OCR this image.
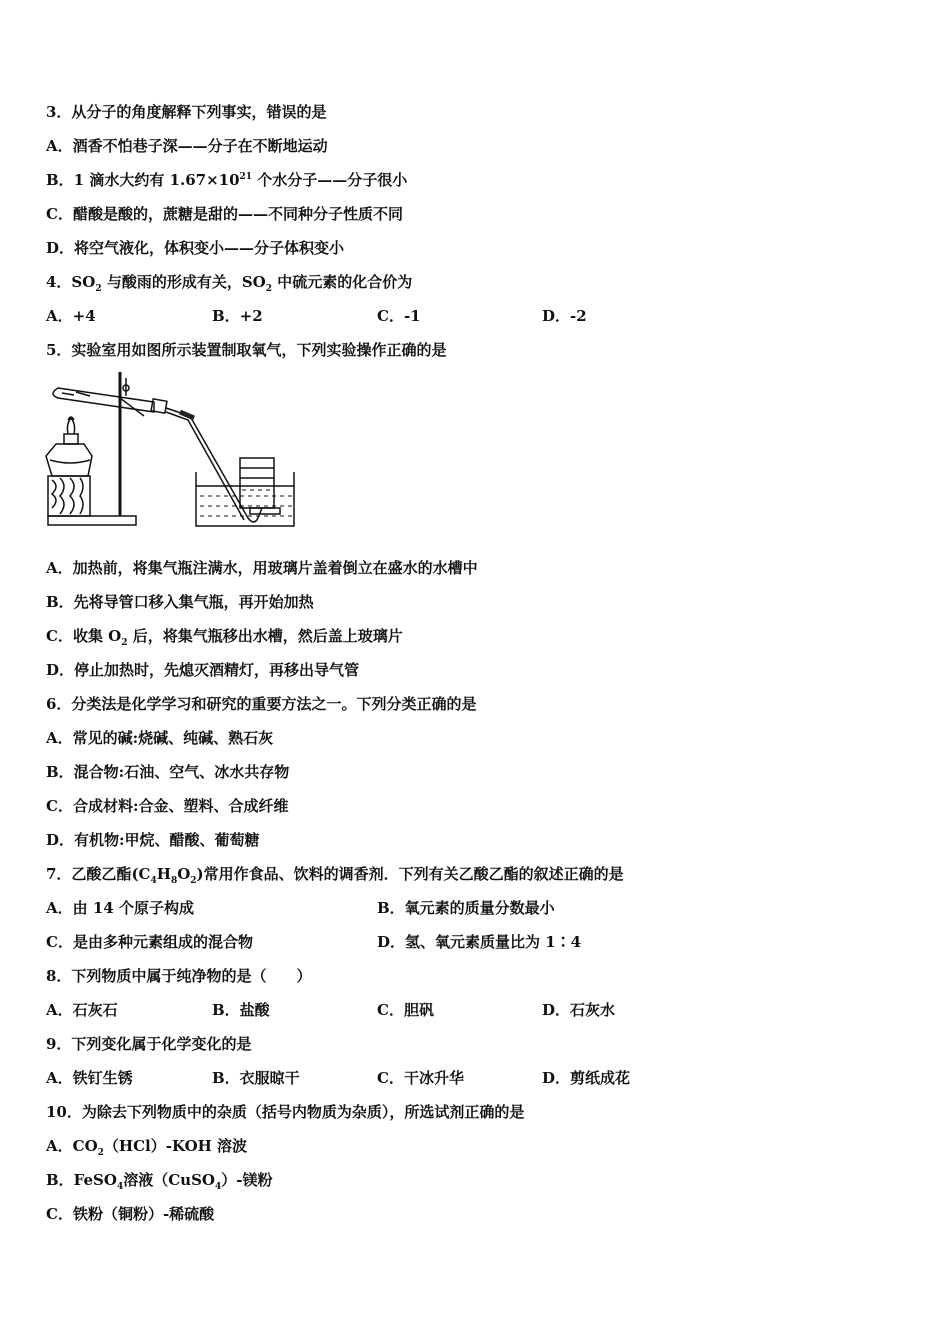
3．从分子的角度解释下列事实，错误的是
A．酒香不怕巷子深——分子在不断地运动
B．1 滴水大约有 $1.67\times 10^{21}$ 个水分子——分子很小
C．醋酸是酸的，蔗糖是甜的——不同种分子性质不同
D．将空气液化，体积变小——分子体积变小
4．$SO_2$ 与酸雨的形成有关，$SO_2$ 中硫元素的化合价为
A．+4	B．+2	C．-1	D．-2
5．实验室用如图所示装置制取氧气，下列实验操作正确的是
A．加热前，将集气瓶注满水，用玻璃片盖着倒立在盛水的水槽中
B．先将导管口移入集气瓶，再开始加热
C．收集 $O_2$ 后，将集气瓶移出水槽，然后盖上玻璃片
D．停止加热时，先熄灭酒精灯，再移出导气管
6．分类法是化学学习和研究的重要方法之一。下列分类正确的是
A．常见的碱:烧碱、纯碱、熟石灰
B．混合物:石油、空气、冰水共存物
C．合成材料:合金、塑料、合成纤维
D．有机物:甲烷、醋酸、葡萄糖
7．乙酸乙酯$(C_4H_8O_2)$常用作食品、饮料的调香剂．下列有关乙酸乙酯的叙述正确的是
A．由 14 个原子构成	B．氧元素的质量分数最小
C．是由多种元素组成的混合物	D．氢、氧元素质量比为 1∶4
8．下列物质中属于纯净物的是（　　）
A．石灰石	B．盐酸	C．胆矾	D．石灰水
9．下列变化属于化学变化的是
A．铁钉生锈	B．衣服晾干	C．干冰升华	D．剪纸成花
10．为除去下列物质中的杂质（括号内物质为杂质），所选试剂正确的是
A．$CO_2(HCl)$-KOH 溶波
B．FeSO$_4$溶液（CuSO$_4$）-镁粉
C．铁粉（铜粉）-稀硫酸
